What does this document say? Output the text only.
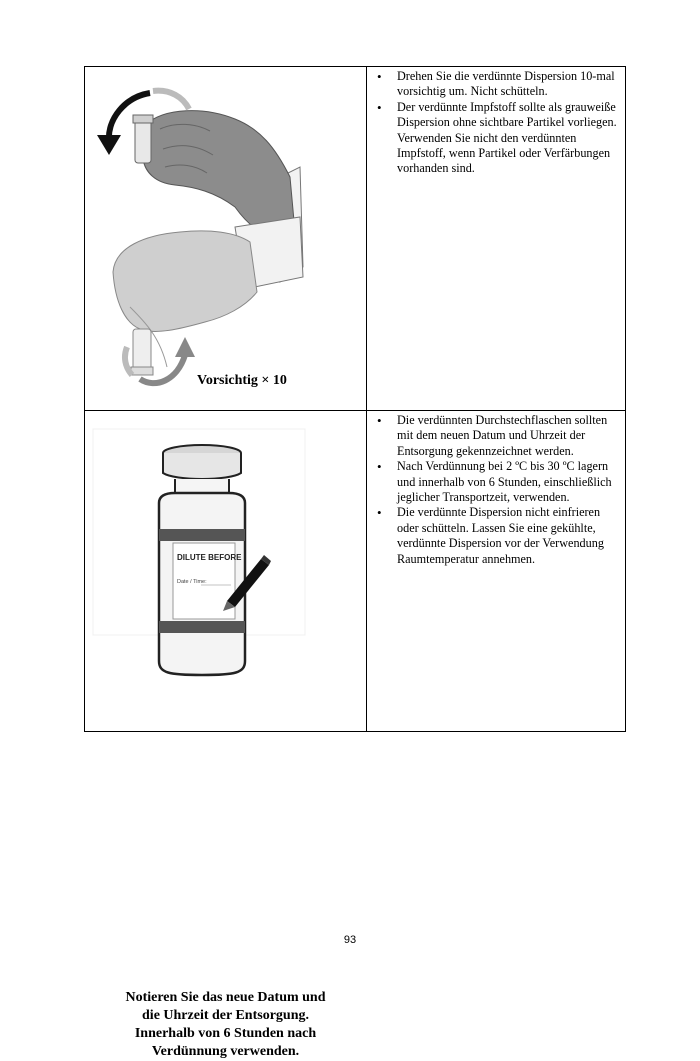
Vorsichtig × 10
• Drehen Sie die verdünnte Dispersion 10-mal vorsichtig um. Nicht schütteln.
• Der verdünnte Impfstoff sollte als grauweiße Dispersion ohne sichtbare Partikel vorliegen. Verwenden Sie nicht den verdünnten Impfstoff, wenn Partikel oder Verfärbungen vorhanden sind.
DILUTE BEFORE
Date / Time:
Notieren Sie das neue Datum und
die Uhrzeit der Entsorgung.
Innerhalb von 6 Stunden nach
Verdünnung verwenden.
• Die verdünnten Durchstechflaschen sollten mit dem neuen Datum und Uhrzeit der Entsorgung gekennzeichnet werden.
• Nach Verdünnung bei 2 ºC bis 30 ºC lagern und innerhalb von 6 Stunden, einschließlich jeglicher Transportzeit, verwenden.
• Die verdünnte Dispersion nicht einfrieren oder schütteln. Lassen Sie eine gekühlte, verdünnte Dispersion vor der Verwendung Raumtemperatur annehmen.
93
